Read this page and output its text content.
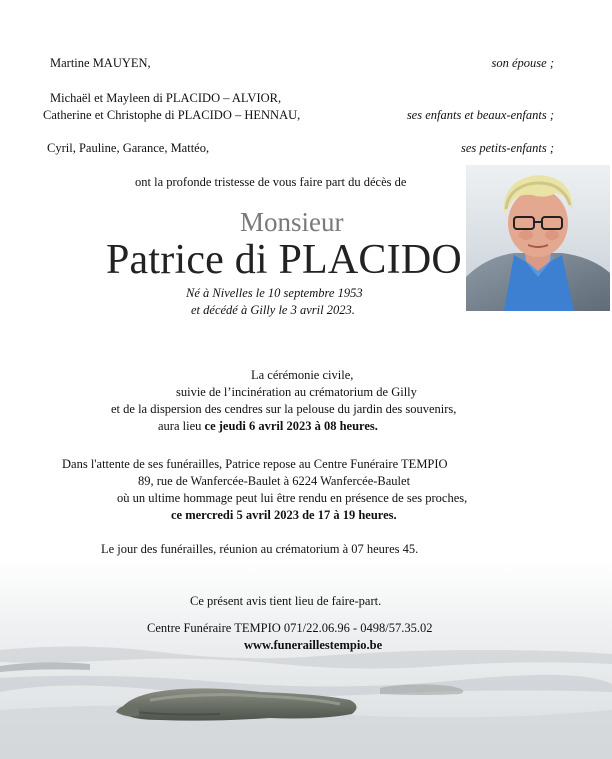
Martine MAUYEN,	son épouse ;
Michaël et Mayleen di PLACIDO – ALVIOR,
Catherine et Christophe di PLACIDO – HENNAU,	ses enfants et beaux-enfants ;
Cyril, Pauline, Garance, Mattéo,	ses petits-enfants ;
ont la profonde tristesse de vous faire part du décès de
Monsieur
Patrice di PLACIDO
Né à Nivelles le 10 septembre 1953
et décédé à Gilly le 3 avril 2023.
La cérémonie civile,
suivie de l’incinération au crématorium de Gilly
et de la dispersion des cendres sur la pelouse du jardin des souvenirs,
aura lieu ce jeudi 6 avril 2023 à 08 heures.
Dans l'attente de ses funérailles, Patrice repose au Centre Funéraire TEMPIO
89, rue de Wanfercée-Baulet à 6224 Wanfercée-Baulet
où un ultime hommage peut lui être rendu en présence de ses proches,
ce mercredi 5 avril 2023 de 17 à 19 heures.
Le jour des funérailles, réunion au crématorium à 07 heures 45.
Ce présent avis tient lieu de faire-part.
Centre Funéraire TEMPIO 071/22.06.96 - 0498/57.35.02
www.funeraillestempio.be
